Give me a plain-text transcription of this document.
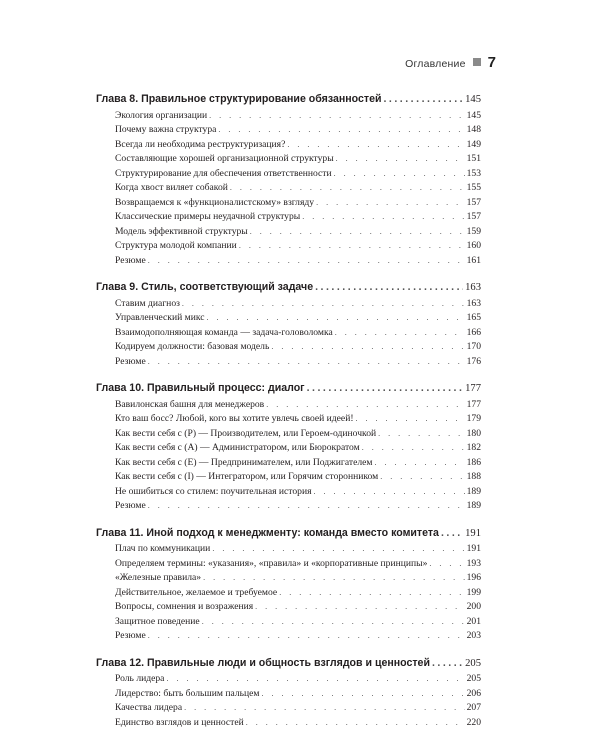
Оглавление 7
Глава 8. Правильное структурирование обязанностей .....	145
Экология организации . . .	145
Почему важна структура . . .	148
Всегда ли необходима реструктуризация? . . .	149
Составляющие хорошей организационной структуры . . .	151
Структурирование для обеспечения ответственности . . .	153
Когда хвост виляет собакой . . .	155
Возвращаемся к «функционалистскому» взгляду . . .	157
Классические примеры неудачной структуры . . .	157
Модель эффективной структуры . . .	159
Структура молодой компании . . .	160
Резюме . . .	161
Глава 9. Стиль, соответствующий задаче .....	163
Ставим диагноз . . .	163
Управленческий микс . . .	165
Взаимодополняющая команда — задача-головоломка . . .	166
Кодируем должности: базовая модель . . .	170
Резюме . . .	176
Глава 10. Правильный процесс: диалог .....	177
Вавилонская башня для менеджеров . . .	177
Кто ваш босс? Любой, кого вы хотите увлечь своей идеей! . . .	179
Как вести себя с (P) — Производителем, или Героем-одиночкой . . .	180
Как вести себя с (A) — Администратором, или Бюрократом . . .	182
Как вести себя с (E) — Предпринимателем, или Поджигателем . . .	186
Как вести себя с (I) — Интегратором, или Горячим сторонником . . .	188
Не ошибиться со стилем: поучительная история . . .	189
Резюме . . .	189
Глава 11. Иной подход к менеджменту: команда вместо комитета ..... 191
Плач по коммуникации . . .	191
Определяем термины: «указания», «правила» и «корпоративные принципы» . . .	193
«Железные правила» . . .	196
Действительное, желаемое и требуемое . . .	199
Вопросы, сомнения и возражения . . .	200
Защитное поведение . . .	201
Резюме . . .	203
Глава 12. Правильные люди и общность взглядов и ценностей .....	205
Роль лидера . . .	205
Лидерство: быть большим пальцем . . .	206
Качества лидера . . .	207
Единство взглядов и ценностей . . .	220
